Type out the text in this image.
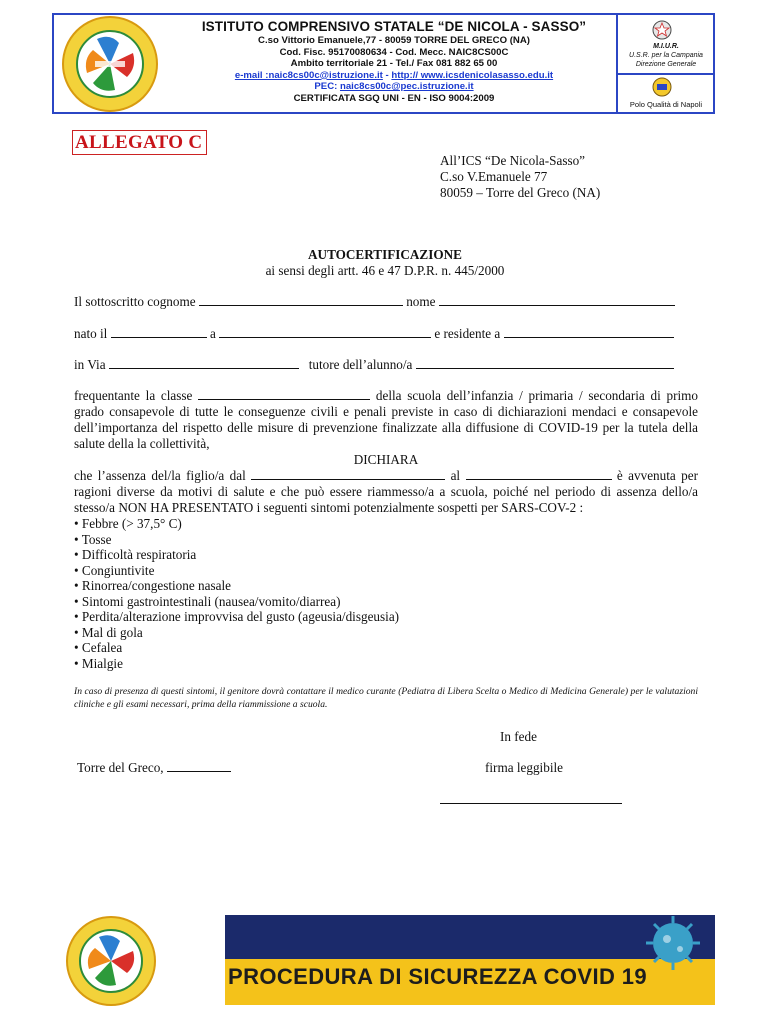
ISTITUTO COMPRENSIVO STATALE “DE NICOLA - SASSO”
C.so Vittorio Emanuele,77 - 80059 TORRE DEL GRECO (NA)
Cod. Fisc. 95170080634 - Cod. Mecc. NAIC8CS00C
Ambito territoriale 21 - Tel./ Fax 081 882 65 00
e-mail :naic8cs00c@istruzione.it - http:// www.icsdenicolasasso.edu.it
PEC: naic8cs00c@pec.istruzione.it
CERTIFICATA SGQ UNI - EN - ISO 9004:2009
M.I.U.R.
U.S.R. per la Campania
Direzione Generale
Polo Qualità di Napoli
ALLEGATO C
All’ICS “De Nicola-Sasso”
C.so V.Emanuele 77
80059 – Torre del Greco (NA)
AUTOCERTIFICAZIONE
ai sensi degli artt. 46 e 47 D.P.R. n. 445/2000
Il sottoscritto cognome	nome
nato il	a	e residente a
in Via	tutore dell’alunno/a
frequentante la classe	della scuola dell’infanzia / primaria / secondaria di primo grado consapevole di tutte le conseguenze civili e penali previste in caso di dichiarazioni mendaci e consapevole dell’importanza del rispetto delle misure di prevenzione finalizzate alla diffusione di COVID-19 per la tutela della salute della la collettività,
DICHIARA
che l’assenza del/la figlio/a dal	al	è avvenuta per ragioni diverse da motivi di salute e che può essere riammesso/a a scuola, poiché nel periodo di assenza dello/a stesso/a NON HA PRESENTATO i seguenti sintomi potenzialmente sospetti per SARS-COV-2 :
• Febbre (> 37,5° C)
• Tosse
• Difficoltà respiratoria
• Congiuntivite
• Rinorrea/congestione nasale
• Sintomi gastrointestinali (nausea/vomito/diarrea)
• Perdita/alterazione improvvisa del gusto (ageusia/disgeusia)
• Mal di gola
• Cefalea
• Mialgie
In caso di presenza di questi sintomi, il genitore dovrà contattare il medico curante (Pediatra di Libera Scelta o Medico di Medicina Generale) per le valutazioni cliniche e gli esami necessari, prima della riammissione a scuola.
In fede
Torre del Greco,	firma leggibile
PROCEDURA DI SICUREZZA COVID 19
